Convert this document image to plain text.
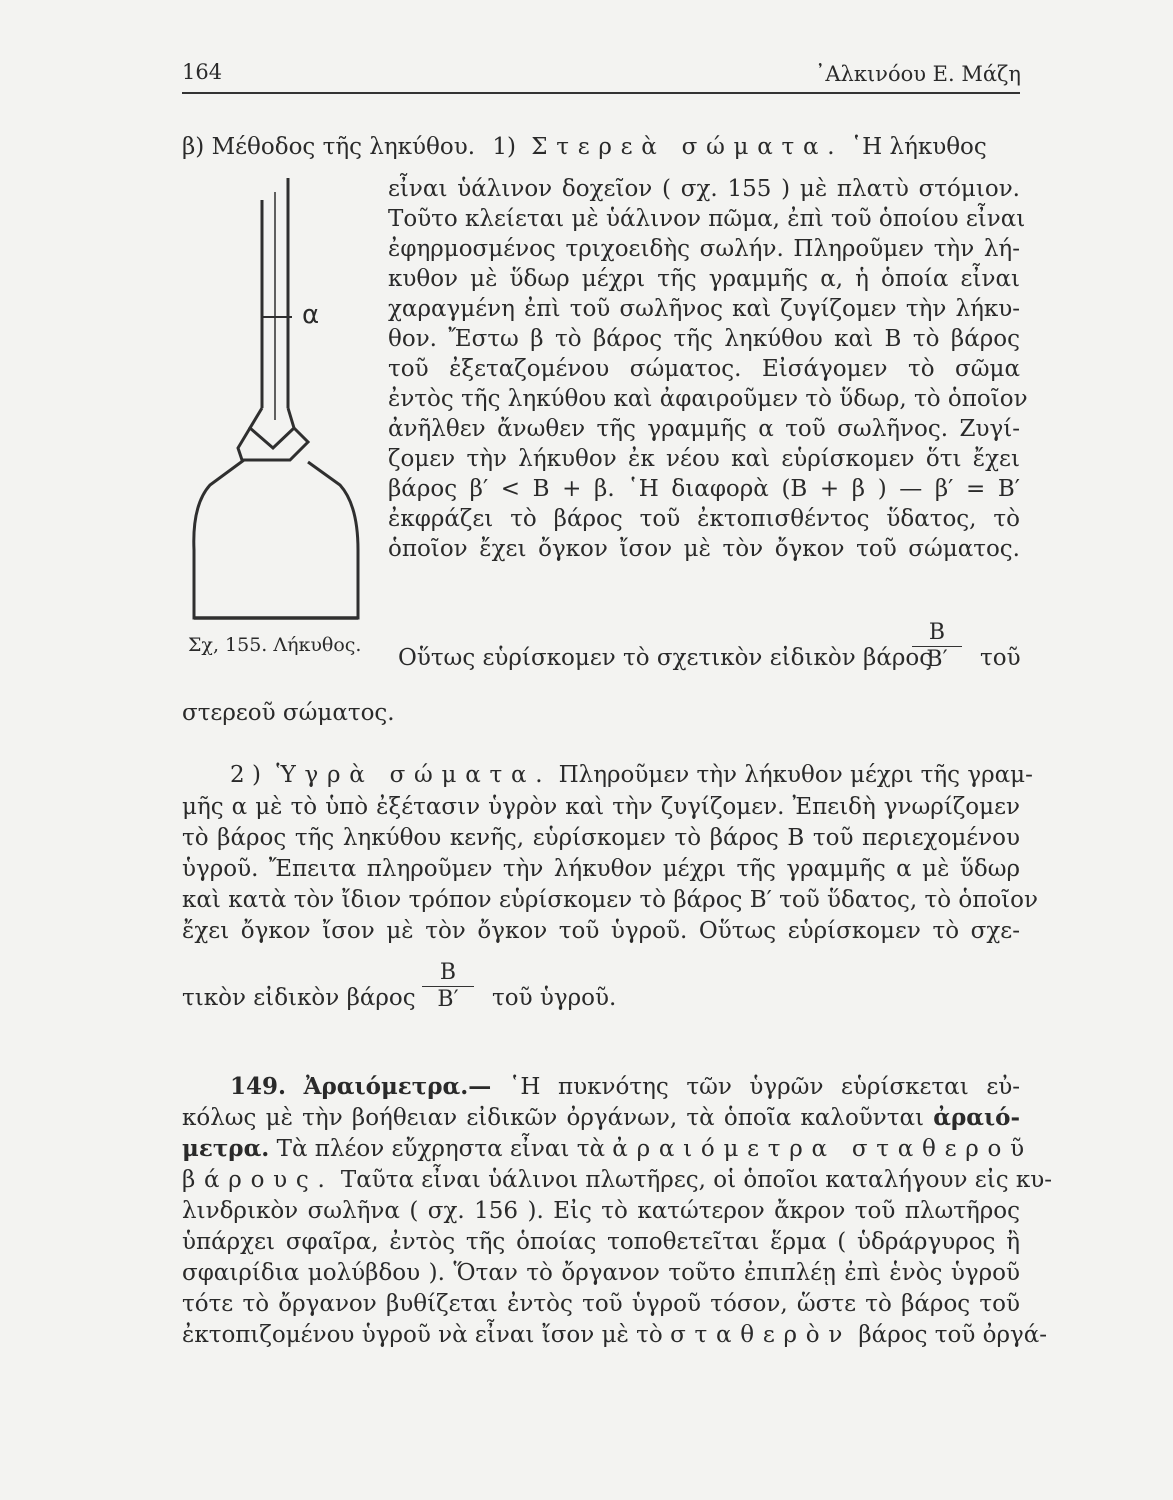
164	᾿Αλκινόου Ε. Μάζη
β) Μέθοδος τῆς ληκύθου. 1) Στερεὰ σώματα. ῾Η λήκυθος
α
Σχ, 155. Λήκυθος.
εἶναι ὑάλινον δοχεῖον ( σχ. 155 ) μὲ πλατὺ στόμιον.
Τοῦτο κλείεται μὲ ὑάλινον πῶμα, ἐπὶ τοῦ ὁποίου εἶναι
ἐφηρμοσμένος τριχοειδὴς σωλήν. Πληροῦμεν τὴν λή-
κυθον μὲ ὕδωρ μέχρι τῆς γραμμῆς α, ἡ ὁποία εἶναι
χαραγμένη ἐπὶ τοῦ σωλῆνος καὶ ζυγίζομεν τὴν λήκυ-
θον. Ἔστω β τὸ βάρος τῆς ληκύθου καὶ Β τὸ βάρος
τοῦ ἐξεταζομένου σώματος. Εἰσάγομεν τὸ σῶμα
ἐντὸς τῆς ληκύθου καὶ ἀφαιροῦμεν τὸ ὕδωρ, τὸ ὁποῖον
ἀνῆλθεν ἄνωθεν τῆς γραμμῆς α τοῦ σωλῆνος. Ζυγί-
ζομεν τὴν λήκυθον ἐκ νέου καὶ εὑρίσκομεν ὅτι ἔχει
βάρος β′ < Β + β. ῾Η διαφορὰ (Β + β ) — β′ = Β′
ἐκφράζει τὸ βάρος τοῦ ἐκτοπισθέντος ὕδατος, τὸ
ὁποῖον ἔχει ὄγκον ἴσον μὲ τὸν ὄγκον τοῦ σώματος.
Οὕτως εὑρίσκομεν τὸ σχετικὸν εἰδικὸν βάρος
$\frac{B}{B'}$ τοῦ
στερεοῦ σώματος.
2 ) Ὑγρὰ σώματα. Πληροῦμεν τὴν λήκυθον μέχρι τῆς γραμ-
μῆς α μὲ τὸ ὑπὸ ἐξέτασιν ὑγρὸν καὶ τὴν ζυγίζομεν. Ἐπειδὴ γνωρίζομεν
τὸ βάρος τῆς ληκύθου κενῆς, εὑρίσκομεν τὸ βάρος Β τοῦ περιεχομένου
ὑγροῦ. Ἔπειτα πληροῦμεν τὴν λήκυθον μέχρι τῆς γραμμῆς α μὲ ὕδωρ
καὶ κατὰ τὸν ἴδιον τρόπον εὑρίσκομεν τὸ βάρος Β′ τοῦ ὕδατος, τὸ ὁποῖον
ἔχει ὄγκον ἴσον μὲ τὸν ὄγκον τοῦ ὑγροῦ. Οὕτως εὑρίσκομεν τὸ σχε-
τικὸν εἰδικὸν βάρος $\frac{B}{B'}$ τοῦ ὑγροῦ.
149. Ἀραιόμετρα.— ῾Η πυκνότης τῶν ὑγρῶν εὑρίσκεται εὐ-
κόλως μὲ τὴν βοήθειαν εἰδικῶν ὀργάνων, τὰ ὁποῖα καλοῦνται ἀραιό-
μετρα. Τὰ πλέον εὔχρηστα εἶναι τὰ ἀραιόμετρα σταθεροῦ
βάρους. Ταῦτα εἶναι ὑάλινοι πλωτῆρες, οἱ ὁποῖοι καταλήγουν εἰς κυ-
λινδρικὸν σωλῆνα ( σχ. 156 ). Εἰς τὸ κατώτερον ἄκρον τοῦ πλωτῆρος
ὑπάρχει σφαῖρα, ἐντὸς τῆς ὁποίας τοποθετεῖται ἕρμα ( ὑδράργυρος ἢ
σφαιρίδια μολύβδου ). Ὅταν τὸ ὄργανον τοῦτο ἐπιπλέῃ ἐπὶ ἑνὸς ὑγροῦ
τότε τὸ ὄργανον βυθίζεται ἐντὸς τοῦ ὑγροῦ τόσον, ὥστε τὸ βάρος τοῦ
ἐκτοπιζομένου ὑγροῦ νὰ εἶναι ἴσον μὲ τὸ σταθερὸν βάρος τοῦ ὀργά-
